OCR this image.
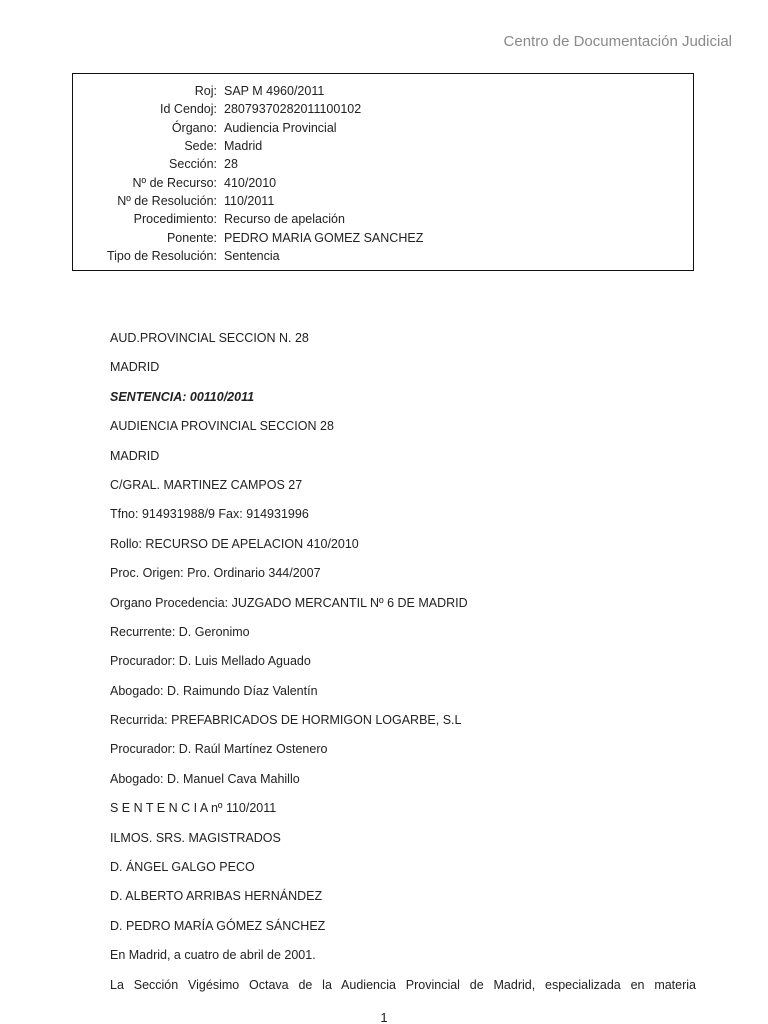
Centro de Documentación Judicial
Roj: SAP M 4960/2011
Id Cendoj: 28079370282011100102
Órgano: Audiencia Provincial
Sede: Madrid
Sección: 28
Nº de Recurso: 410/2010
Nº de Resolución: 110/2011
Procedimiento: Recurso de apelación
Ponente: PEDRO MARIA GOMEZ SANCHEZ
Tipo de Resolución: Sentencia
AUD.PROVINCIAL SECCION N. 28
MADRID
SENTENCIA: 00110/2011
AUDIENCIA PROVINCIAL SECCION 28
MADRID
C/GRAL. MARTINEZ CAMPOS 27
Tfno: 914931988/9 Fax: 914931996
Rollo: RECURSO DE APELACION 410/2010
Proc. Origen: Pro. Ordinario 344/2007
Organo Procedencia: JUZGADO MERCANTIL Nº 6 DE MADRID
Recurrente: D. Geronimo
Procurador: D. Luis Mellado Aguado
Abogado: D. Raimundo Díaz Valentín
Recurrida: PREFABRICADOS DE HORMIGON LOGARBE, S.L
Procurador: D. Raúl Martínez Ostenero
Abogado: D. Manuel Cava Mahillo
S E N T E N C I A nº 110/2011
ILMOS. SRS. MAGISTRADOS
D. ÁNGEL GALGO PECO
D. ALBERTO ARRIBAS HERNÁNDEZ
D. PEDRO MARÍA GÓMEZ SÁNCHEZ
En Madrid, a cuatro de abril de 2001.
La Sección Vigésimo Octava de la Audiencia Provincial de Madrid, especializada en materia
1
